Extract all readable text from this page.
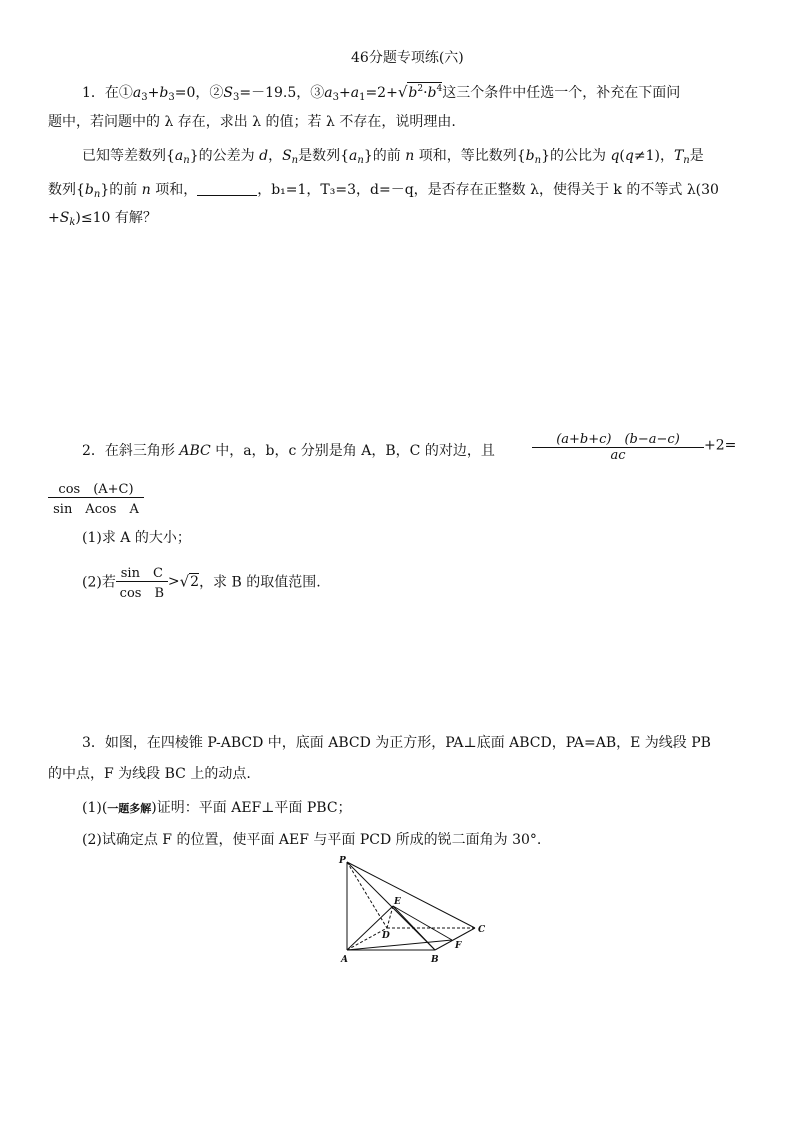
46分题专项练(六)
1．在$①a_3+b_3=0$，$②S_3=-19.5$，$③a_3+a_1=2+√b^2\cdot b^4$这三个条件中任选一个，补充在下面问
题中，若问题中的 λ 存在，求出 λ 的值；若 λ 不存在，说明理由.
已知等差数列$\{a_n\}$的公差为 d，$S_n$是数列$\{a_n\}$的前 n 项和，等比数列$\{b_n\}$的公比为 q(q≠1)，$T_n$是
数列$\{b_n\}$的前 n 项和，	，b₁=1，T₃=3，d=－q，是否存在正整数 λ，使得关于 k 的不等式 λ(30
$+S_k)\le 10$ 有解？
2．在斜三角形 ABC 中，a，b，c 分别是角 A，B，C 的对边，且	$\frac{(a+b+c) (b-a-c)}{ac} +2=$
$\frac{\cos (A+C)}{\text{sin　Acos　A}}$
(1)求 A 的大小；
(2)若 $\frac{\text{sin　C}}{\text{cos　B}} >√2$，求 B 的取值范围.
3．如图，在四棱锥 P-ABCD 中，底面 ABCD 为正方形，PA⊥底面 ABCD，PA=AB，E 为线段 PB
的中点，F 为线段 BC 上的动点.
(1)(一题多解)证明：平面 AEF⊥平面 PBC；
(2)试确定点 F 的位置，使平面 AEF 与平面 PCD 所成的锐二面角为 30°.
P
E
D
C
F
A	B
